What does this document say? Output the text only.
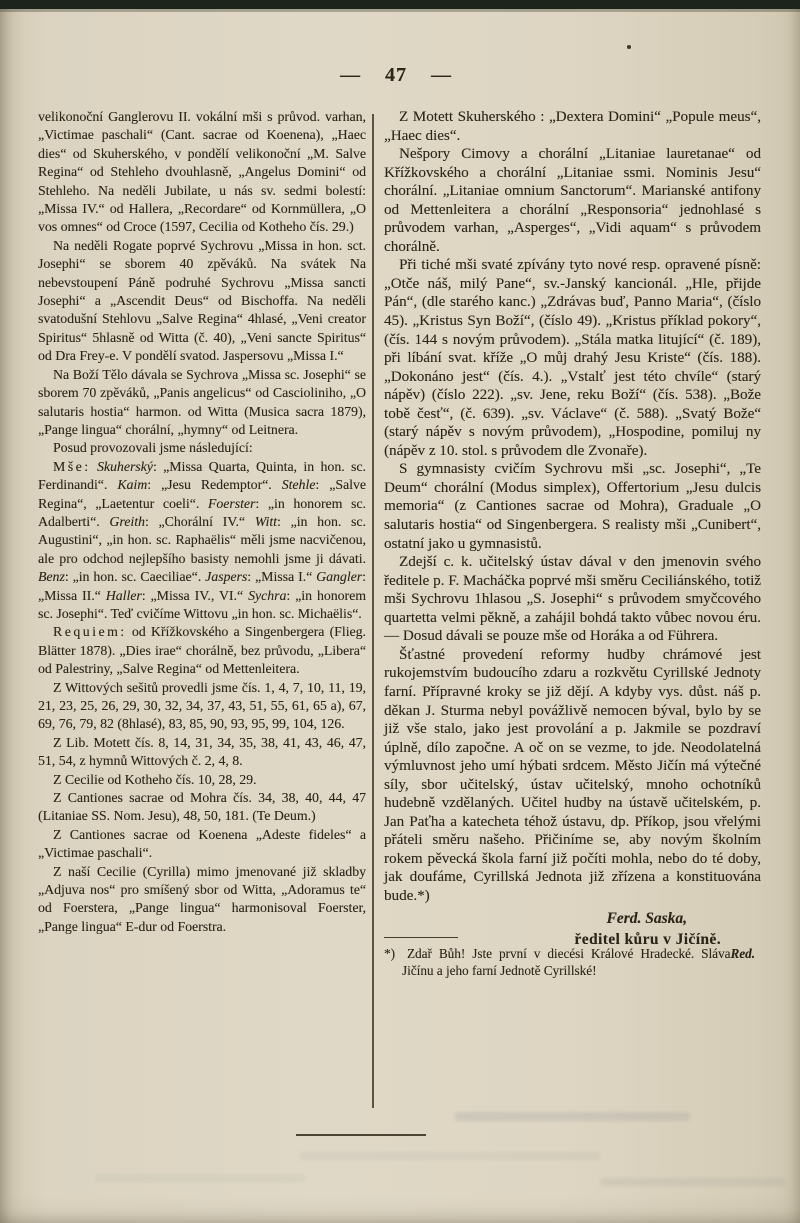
— 47 —

velikonoční Ganglerovu II. vokální mši s průvod. varhan, „Victimae paschali“ (Cant. sacrae od Koenena), „Haec dies“ od Skuherského, v pondělí velikonoční „M. Salve Regina“ od Stehleho dvouhlasně, „Angelus Domini“ od Stehleho. Na neděli Jubilate, u nás sv. sedmi bolestí: „Missa IV.“ od Hallera, „Recordare“ od Kornmüllera, „O vos omnes“ od Croce (1597, Cecilia od Kotheho čís. 29.)

Na neděli Rogate poprvé Sychrovu „Missa in hon. sct. Josephi“ se sborem 40 zpěváků. Na svátek Na nebevstoupení Páně podruhé Sychrovu „Missa sancti Josephi“ a „Ascendit Deus“ od Bischoffa. Na neděli svatodušní Stehlovu „Salve Regina“ 4hlasé, „Veni creator Spiritus“ 5hlasně od Witta (č. 40), „Veni sancte Spiritus“ od Dra Frey-e. V pondělí svatod. Jaspersovu „Missa I.“

Na Boží Tělo dávala se Sychrova „Missa sc. Josephi“ se sborem 70 zpěváků, „Panis angelicus“ od Cascioliniho, „O salutaris hostia“ harmon. od Witta (Musica sacra 1879), „Pange lingua“ chorální, „hymny“ od Leitnera.

Posud provozovali jsme následující:

Mše: Skuherský: „Missa Quarta, Quinta, in hon. sc. Ferdinandi“. Kaim: „Jesu Redemptor“. Stehle: „Salve Regina“, „Laetentur coeli“. Foerster: „in honorem sc. Adalberti“. Greith: „Chorální IV.“ Witt: „in hon. sc. Augustini“, „in hon. sc. Raphaëlis“ měli jsme nacvičenou, ale pro odchod nejlepšího basisty nemohli jsme ji dávati. Benz: „in hon. sc. Caeciliae“. Jaspers: „Missa I.“ Gangler: „Missa II.“ Haller: „Missa IV., VI.“ Sychra: „in honorem sc. Josephi“. Teď cvičíme Wittovu „in hon. sc. Michaëlis“.

Requiem: od Křížkovského a Singenbergera (Flieg. Blätter 1878). „Dies irae“ chorálně, bez průvodu, „Libera“ od Palestriny, „Salve Regina“ od Mettenleitera.

Z Wittových sešitů provedli jsme čís. 1, 4, 7, 10, 11, 19, 21, 23, 25, 26, 29, 30, 32, 34, 37, 43, 51, 55, 61, 65 a), 67, 69, 76, 79, 82 (8hlasé), 83, 85, 90, 93, 95, 99, 104, 126.

Z Lib. Motett čís. 8, 14, 31, 34, 35, 38, 41, 43, 46, 47, 51, 54, z hymnů Wittových č. 2, 4, 8.

Z Cecilie od Kotheho čís. 10, 28, 29.

Z Cantiones sacrae od Mohra čís. 34, 38, 40, 44, 47 (Litaniae SS. Nom. Jesu), 48, 50, 181. (Te Deum.)

Z Cantiones sacrae od Koenena „Adeste fideles“ a „Victimae paschali“.

Z naší Cecilie (Cyrilla) mimo jmenované již skladby „Adjuva nos“ pro smíšený sbor od Witta, „Adoramus te“ od Foerstera, „Pange lingua“ harmonisoval Foerster, „Pange lingua“ E-dur od Foerstra.

Z Motett Skuherského : „Dextera Domini“ „Popule meus“, „Haec dies“.

Nešpory Cimovy a chorální „Litaniae lauretanae“ od Křížkovského a chorální „Litaniae ssmi. Nominis Jesu“ chorální. „Litaniae omnium Sanctorum“. Marianské antifony od Mettenleitera a chorální „Responsoria“ jednohlasé s průvodem varhan, „Asperges“, „Vidi aquam“ s průvodem chorálně.

Při tiché mši svaté zpívány tyto nové resp. opravené písně: „Otče náš, milý Pane“, sv.-Janský kancionál. „Hle, přijde Pán“, (dle starého kanc.) „Zdrávas buď, Panno Maria“, (číslo 45). „Kristus Syn Boží“, (číslo 49). „Kristus příklad pokory“, (čís. 144 s novým průvodem). „Stála matka litující“ (č. 189), při líbání svat. kříže „O můj drahý Jesu Kriste“ (čís. 188). „Dokonáno jest“ (čís. 4.). „Vstalť jest této chvíle“ (starý nápěv) (číslo 222). „sv. Jene, reku Boží“ (čís. 538). „Bože tobě česť“, (č. 639). „sv. Václave“ (č. 588). „Svatý Bože“ (starý nápěv s novým průvodem), „Hospodine, pomiluj ny (nápěv z 10. stol. s průvodem dle Zvonaře).

S gymnasisty cvičím Sychrovu mši „sc. Josephi“, „Te Deum“ chorální (Modus simplex), Offertorium „Jesu dulcis memoria“ (z Cantiones sacrae od Mohra), Graduale „O salutaris hostia“ od Singenbergera. S realisty mši „Cunibert“, ostatní jako u gymnasistů.

Zdejší c. k. učitelský ústav dával v den jmenovin svého ředitele p. F. Macháčka poprvé mši směru Ceciliánského, totiž mši Sychrovu 1hlasou „S. Josephi“ s průvodem smyčcového quartetta velmi pěkně, a zahájil bohdá takto vůbec novou éru. — Dosud dávali se pouze mše od Horáka a od Führera.

Šťastné provedení reformy hudby chrámové jest rukojemstvím budoucího zdaru a rozkvětu Cyrillské Jednoty farní. Přípravné kroky se již dějí. A kdyby vys. důst. náš p. děkan J. Sturma nebyl povážlivě nemocen býval, bylo by se již vše stalo, jako jest provolání a p. Jakmile se pozdraví úplně, dílo započne. A oč on se vezme, to jde. Neodolatelná výmluvnost jeho umí hýbati srdcem. Město Jičín má výtečné síly, sbor učitelský, ústav učitelský, mnoho ochotníků hudebně vzdělaných. Učitel hudby na ústavě učitelském, p. Jan Paťha a katecheta téhož ústavu, dp. Příkop, jsou vřelými přáteli směru našeho. Přičiníme se, aby novým školním rokem pěvecká škola farní již počíti mohla, nebo do té doby, jak doufáme, Cyrillská Jednota již zřízena a konstituována bude.*)

Ferd. Saska,
ředitel kůru v Jičíně.
Red.
*) Zdař Bůh! Jste první v diecési Králové Hradecké. Sláva Jičínu a jeho farní Jednotě Cyrillské!
